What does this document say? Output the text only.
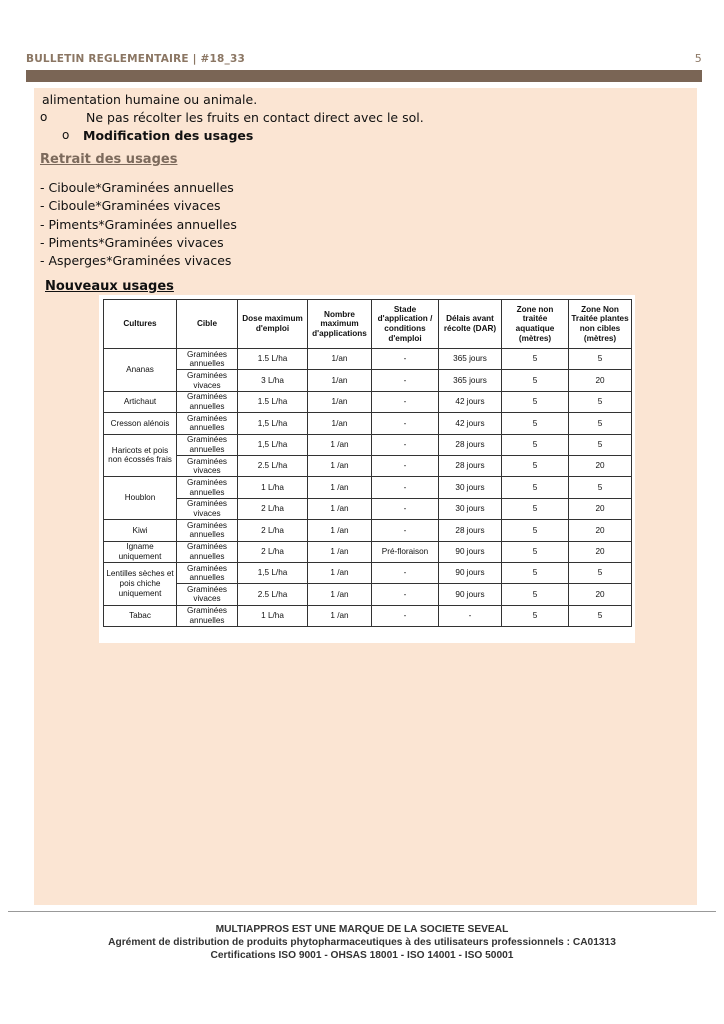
BULLETIN REGLEMENTAIRE | #18_33	5
alimentation humaine ou animale.
o	Ne pas récolter les fruits en contact direct avec le sol.
o Modification des usages
Retrait des usages
- Ciboule*Graminées annuelles
- Ciboule*Graminées vivaces
- Piments*Graminées annuelles
- Piments*Graminées vivaces
- Asperges*Graminées vivaces
Nouveaux usages
Cultures	Cible	Dose maximum d'emploi	Nombre maximum d'applications	Stade d'application / conditions d'emploi	Délais avant récolte (DAR)	Zone non traitée aquatique (mètres)	Zone Non Traitée plantes non cibles (mètres)
Ananas	Graminées annuelles	1.5 L/ha	1/an	-	365 jours	5	5
	Graminées vivaces	3 L/ha	1/an	-	365 jours	5	20
Artichaut	Graminées annuelles	1.5 L/ha	1/an	-	42 jours	5	5
Cresson alénois	Graminées annuelles	1,5 L/ha	1/an	-	42 jours	5	5
Haricots et pois non écossés frais	Graminées annuelles	1,5 L/ha	1 /an	-	28 jours	5	5
	Graminées vivaces	2.5 L/ha	1 /an	-	28 jours	5	20
Houblon	Graminées annuelles	1 L/ha	1 /an	-	30 jours	5	5
	Graminées vivaces	2 L/ha	1 /an	-	30 jours	5	20
Kiwi	Graminées annuelles	2 L/ha	1 /an	-	28 jours	5	20
Igname uniquement	Graminées annuelles	2 L/ha	1 /an	Pré-floraison	90 jours	5	20
Lentilles sèches et pois chiche uniquement	Graminées annuelles	1,5 L/ha	1 /an	-	90 jours	5	5
	Graminées vivaces	2.5 L/ha	1 /an	-	90 jours	5	20
Tabac	Graminées annuelles	1 L/ha	1 /an	-	-	5	5
MULTIAPPROS EST UNE MARQUE DE LA SOCIETE SEVEAL
Agrément de distribution de produits phytopharmaceutiques à des utilisateurs professionnels : CA01313
Certifications ISO 9001 - OHSAS 18001 - ISO 14001 - ISO 50001
